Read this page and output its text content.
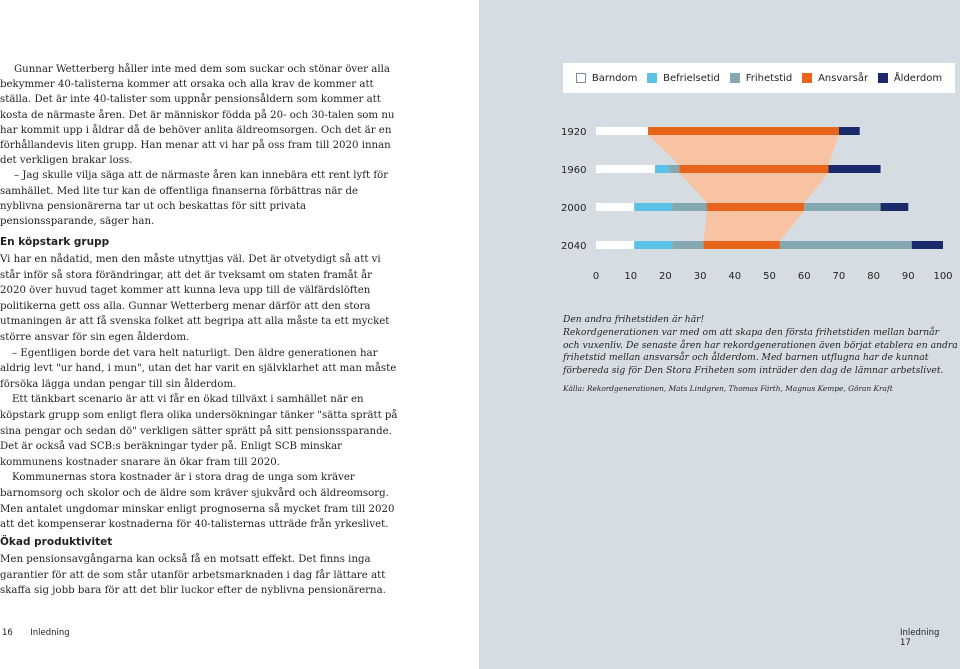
Gunnar Wetterberg håller inte med dem som suckar och stönar över alla bekymmer 40-talisterna kommer att orsaka och alla krav de kommer att ställa. Det är inte 40-talister som uppnår pensionsåldern som kommer att kosta de närmaste åren. Det är människor födda på 20- och 30-talen som nu har kommit upp i åldrar då de behöver anlita äldreomsorgen. Och det är en förhållandevis liten grupp. Han menar att vi har på oss fram till 2020 innan det verkligen brakar loss.

– Jag skulle vilja säga att de närmaste åren kan innebära ett rent lyft för samhället. Med lite tur kan de offentliga finanserna förbättras när de nyblivna pensionärerna tar ut och beskattas för sitt privata pensionssparande, säger han.

En köpstark grupp

Vi har en nådatid, men den måste utnyttjas väl. Det är otvetydigt så att vi står inför så stora förändringar, att det är tveksamt om staten framåt år 2020 över huvud taget kommer att kunna leva upp till de välfärdslöften politikerna gett oss alla. Gunnar Wetterberg menar därför att den stora utmaningen är att få svenska folket att begripa att alla måste ta ett mycket större ansvar för sin egen ålderdom.

– Egentligen borde det vara helt naturligt. Den äldre generationen har aldrig levt "ur hand, i mun", utan det har varit en självklarhet att man måste försöka lägga undan pengar till sin ålderdom.

Ett tänkbart scenario är att vi får en ökad tillväxt i samhället när en köpstark grupp som enligt flera olika undersökningar tänker "sätta sprätt på sina pengar och sedan dö" verkligen sätter sprätt på sitt pensionssparande. Det är också vad SCB:s beräkningar tyder på. Enligt SCB minskar kommunens kostnader snarare än ökar fram till 2020.

Kommunernas stora kostnader är i stora drag de unga som kräver barnomsorg och skolor och de äldre som kräver sjukvård och äldreomsorg. Men antalet ungdomar minskar enligt prognoserna så mycket fram till 2020 att det kompenserar kostnaderna för 40-talisternas utträde från yrkeslivet.

Ökad produktivitet

Men pensionsavgångarna kan också få en motsatt effekt. Det finns inga garantier för att de som står utanför arbetsmarknaden i dag får lättare att skaffa sig jobb bara för att det blir luckor efter de nyblivna pensionärerna.

16 Inledning
Barndom	Befrielsetid	Frihetstid	Ansvarsår	Ålderdom
1920
1960
2000
2040
0	10 20 30 40 50 60 70 80 90 100

Den andra frihetstiden är här!

Rekordgenerationen var med om att skapa den första frihetstiden mellan barnår och vuxenliv. De senaste åren har rekordgenerationen även börjat etablera en andra frihetstid mellan ansvarsår och ålderdom. Med barnen utflugna har de kunnat förbereda sig för Den Stora Friheten som inträder den dag de lämnar arbetslivet.

Källa: Rekordgenerationen, Mats Lindgren, Thomas Färth, Magnus Kempe, Göran Kraft
Inledning  17
